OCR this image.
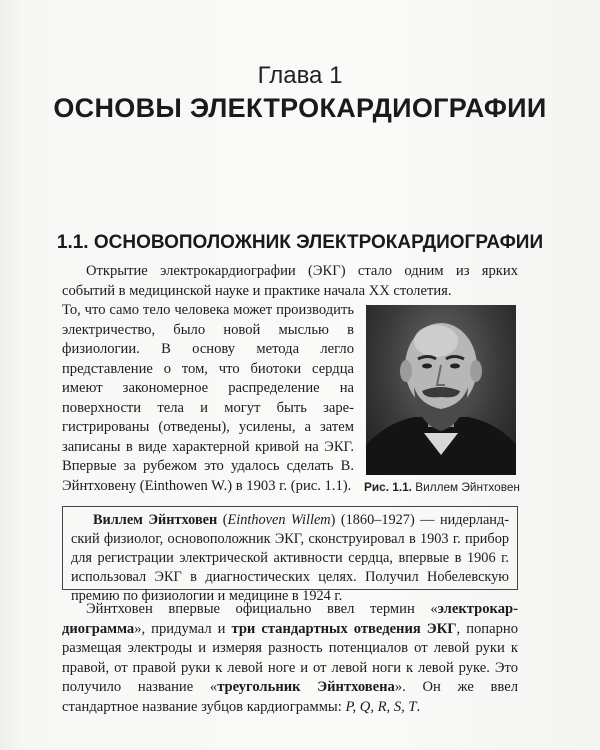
Глава 1
ОСНОВЫ ЭЛЕКТРОКАРДИОГРАФИИ
1.1. ОСНОВОПОЛОЖНИК ЭЛЕКТРОКАРДИОГРАФИИ

Открытие электрокардиографии (ЭКГ) стало одним из ярких событий в медицинской науке и практике начала XX столетия.

То, что само тело человека может производить электричество, было новой мыслью в физиологии. В основу метода легло представление о том, что биотоки сердца имеют закономерное распределение на поверхности тела и могут быть зарегистрированы (отведены), усилены, а затем записаны в виде характерной кривой на ЭКГ. Впервые за рубежом это удалось сделать В. Эйнтховену (Einthowen W.) в 1903 г. (рис. 1.1). Рис. 1.1. Виллем Эйнтховен

Виллем Эйнтховен (Einthoven Willem) (1860–1927) — нидерландский физиолог, основоположник ЭКГ, сконструировал в 1903 г. прибор для регистрации электрической активности сердца, впервые в 1906 г. использовал ЭКГ в диагностических целях. Получил Нобелевскую премию по физиологии и медицине в 1924 г.

Эйнтховен впервые официально ввел термин «электрокардиограмма», придумал и три стандартных отведения ЭКГ, попарно размещая электроды и измеряя разность потенциалов от левой руки к правой, от правой руки к левой ноге и от левой ноги к левой руке. Это получило название «треугольник Эйнтховена». Он же ввел стандартное название зубцов кардиограммы: P, Q, R, S, T.
